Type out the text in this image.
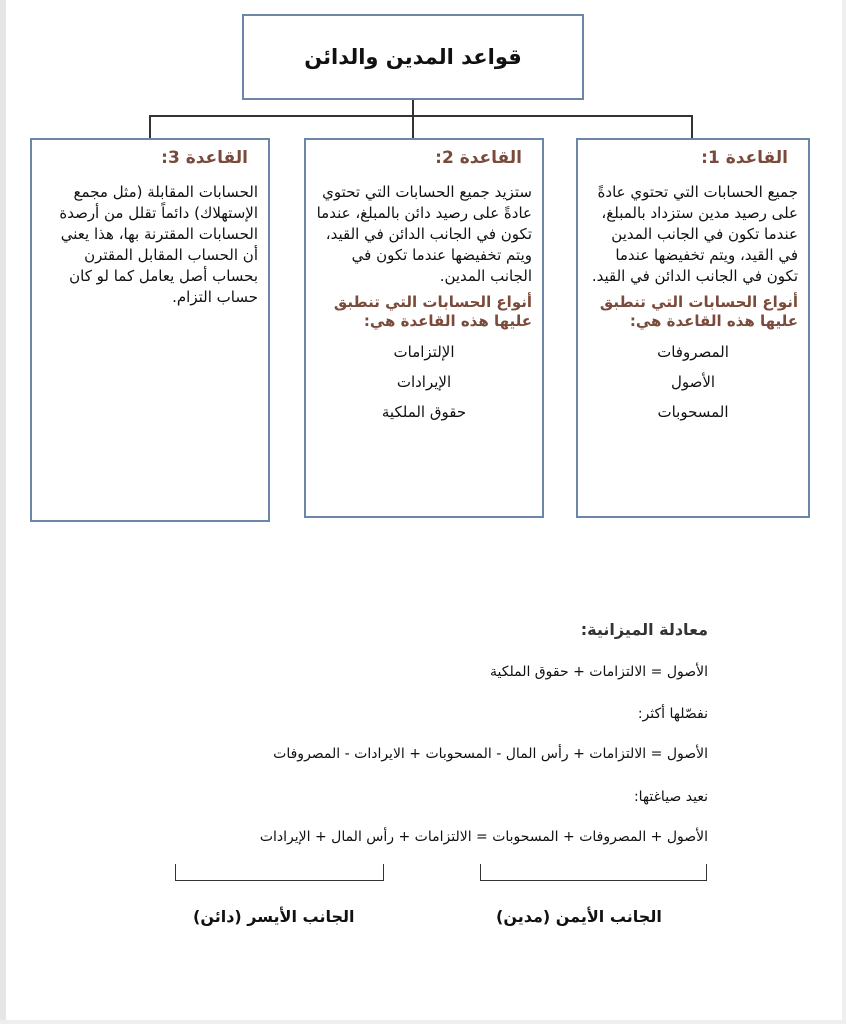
قواعد المدين والدائن
القاعدة 3:
الحسابات المقابلة (مثل مجمع الإستهلاك) دائماً تقلل من أرصدة الحسابات المقترنة بها، هذا يعني أن الحساب المقابل المقترن بحساب أصل يعامل كما لو كان حساب التزام.
القاعدة 2:
ستزيد جميع الحسابات التي تحتوي عادةً على رصيد دائن بالمبلغ، عندما تكون في الجانب الدائن في القيد، ويتم تخفيضها عندما تكون في الجانب المدين.
أنواع الحسابات التي تنطبق عليها هذه القاعدة هي:
الإلتزامات
الإيرادات
حقوق الملكية
القاعدة 1:
جميع الحسابات التي تحتوي عادةً على رصيد مدين ستزداد بالمبلغ، عندما تكون في الجانب المدين في القيد، ويتم تخفيضها عندما تكون في الجانب الدائن في القيد.
أنواع الحسابات التي تنطبق عليها هذه القاعدة هي:
المصروفات
الأصول
المسحوبات
معادلة الميزانية:
الأصول = الالتزامات + حقوق الملكية
نفصّلها أكثر:
الأصول = الالتزامات + رأس المال - المسحوبات + الايرادات - المصروفات
نعيد صياغتها:
الأصول + المصروفات + المسحوبات = الالتزامات + رأس المال + الإيرادات
الجانب الأيمن (مدين)
الجانب الأيسر (دائن)
